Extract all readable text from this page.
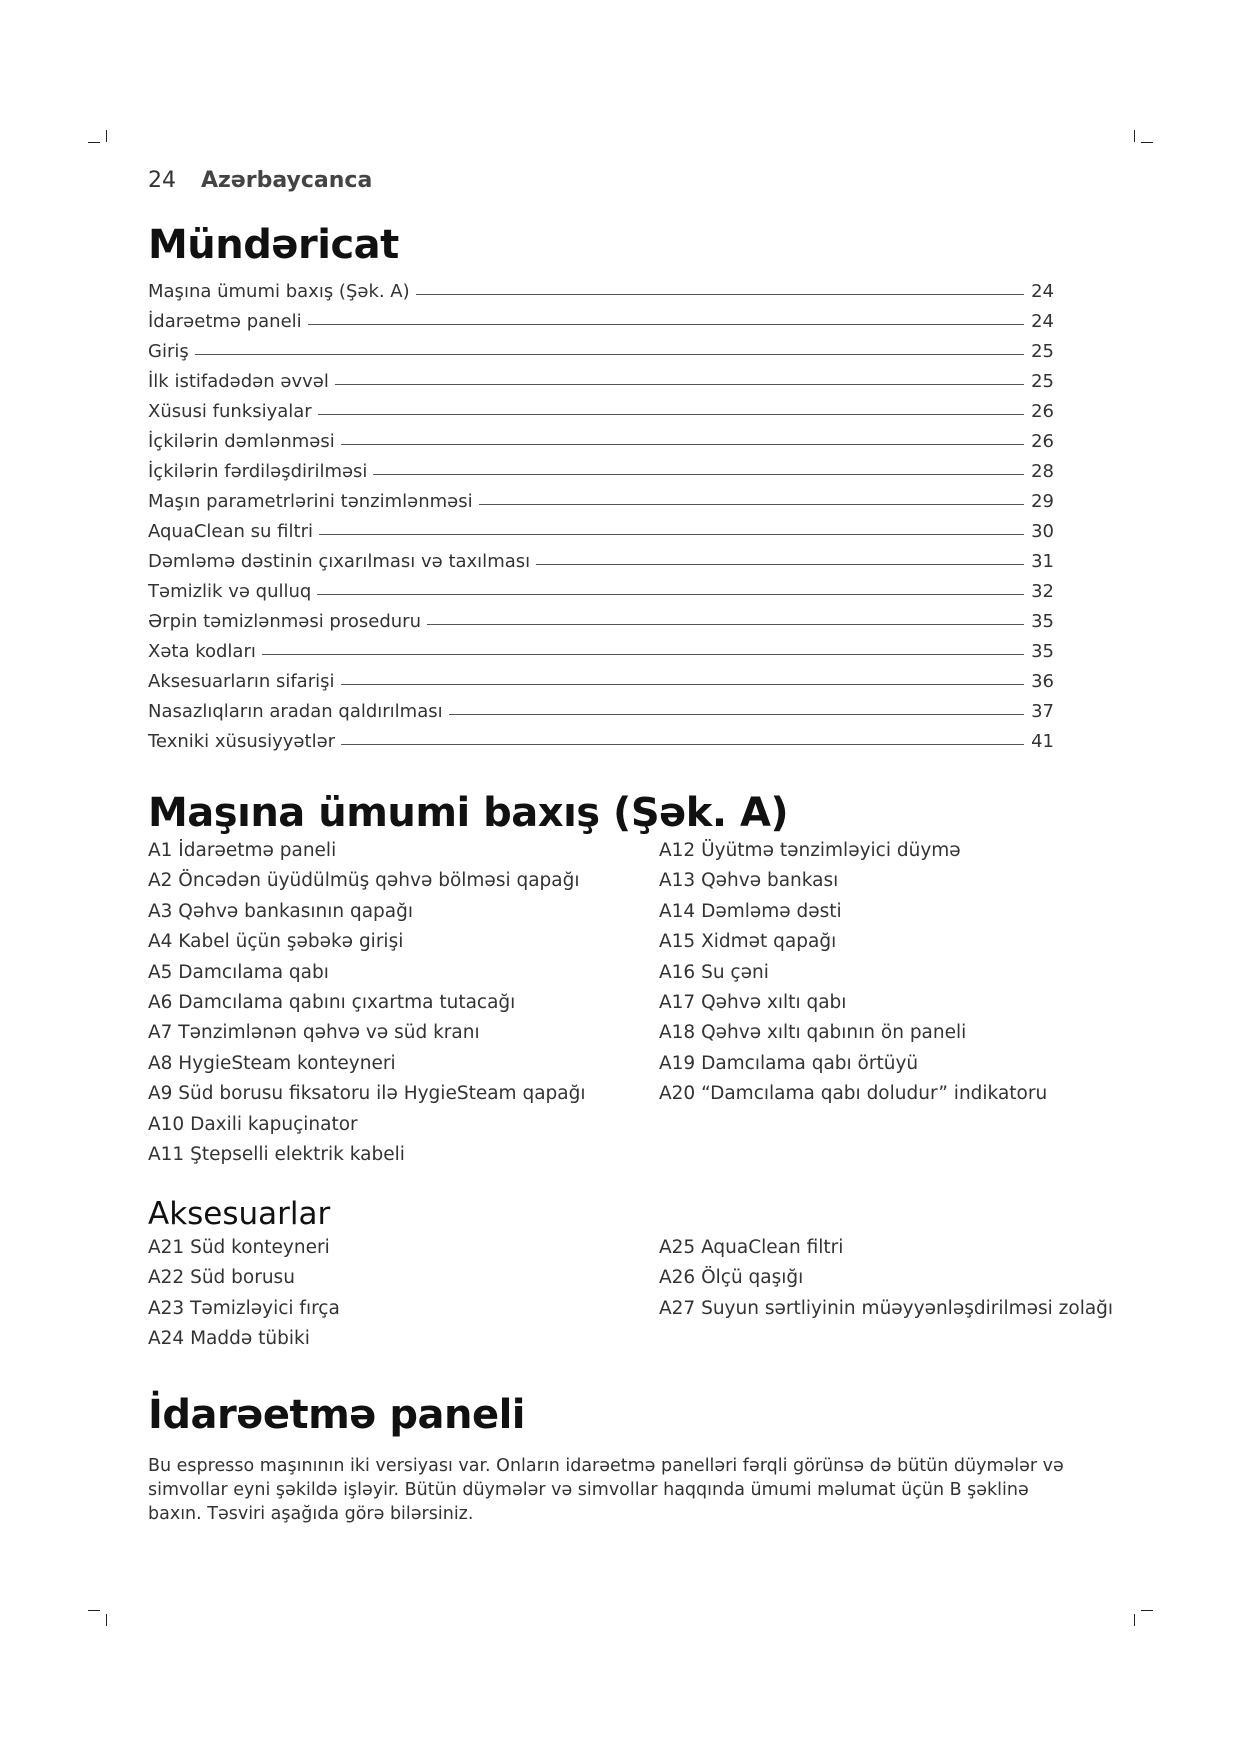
24 Azərbaycanca
Mündəricat
Maşına ümumi baxış (Şək. A)	24
İdarəetmə paneli	24
Giriş	25
İlk istifadədən əvvəl	25
Xüsusi funksiyalar	26
İçkilərin dəmlənməsi	26
İçkilərin fərdiləşdirilməsi	28
Maşın parametrlərini tənzimlənməsi	29
AquaClean su filtri	30
Dəmləmə dəstinin çıxarılması və taxılması	31
Təmizlik və qulluq	32
Ərpin təmizlənməsi proseduru	35
Xəta kodları	35
Aksesuarların sifarişi	36
Nasazlıqların aradan qaldırılması	37
Texniki xüsusiyyətlər	41
Maşına ümumi baxış (Şək. A)
A1 İdarəetmə paneli
A2 Öncədən üyüdülmüş qəhvə bölməsi qapağı
A3 Qəhvə bankasının qapağı
A4 Kabel üçün şəbəkə girişi
A5 Damcılama qabı
A6 Damcılama qabını çıxartma tutacağı
A7 Tənzimlənən qəhvə və süd kranı
A8 HygieSteam konteyneri
A9 Süd borusu fiksatoru ilə HygieSteam qapağı
A10 Daxili kapuçinator
A11 Ştepselli elektrik kabeli
A12 Üyütmə tənzimləyici düymə
A13 Qəhvə bankası
A14 Dəmləmə dəsti
A15 Xidmət qapağı
A16 Su çəni
A17 Qəhvə xıltı qabı
A18 Qəhvə xıltı qabının ön paneli
A19 Damcılama qabı örtüyü
A20 “Damcılama qabı doludur” indikatoru
Aksesuarlar
A21 Süd konteyneri
A22 Süd borusu
A23 Təmizləyici fırça
A24 Maddə tübiki
A25 AquaClean filtri
A26 Ölçü qaşığı
A27 Suyun sərtliyinin müəyyənləşdirilməsi zolağı
İdarəetmə paneli

Bu espresso maşınının iki versiyası var. Onların idarəetmə panelləri fərqli görünsə də bütün düymələr və simvollar eyni şəkildə işləyir. Bütün düymələr və simvollar haqqında ümumi məlumat üçün B şəklinə baxın. Təsviri aşağıda görə bilərsiniz.
